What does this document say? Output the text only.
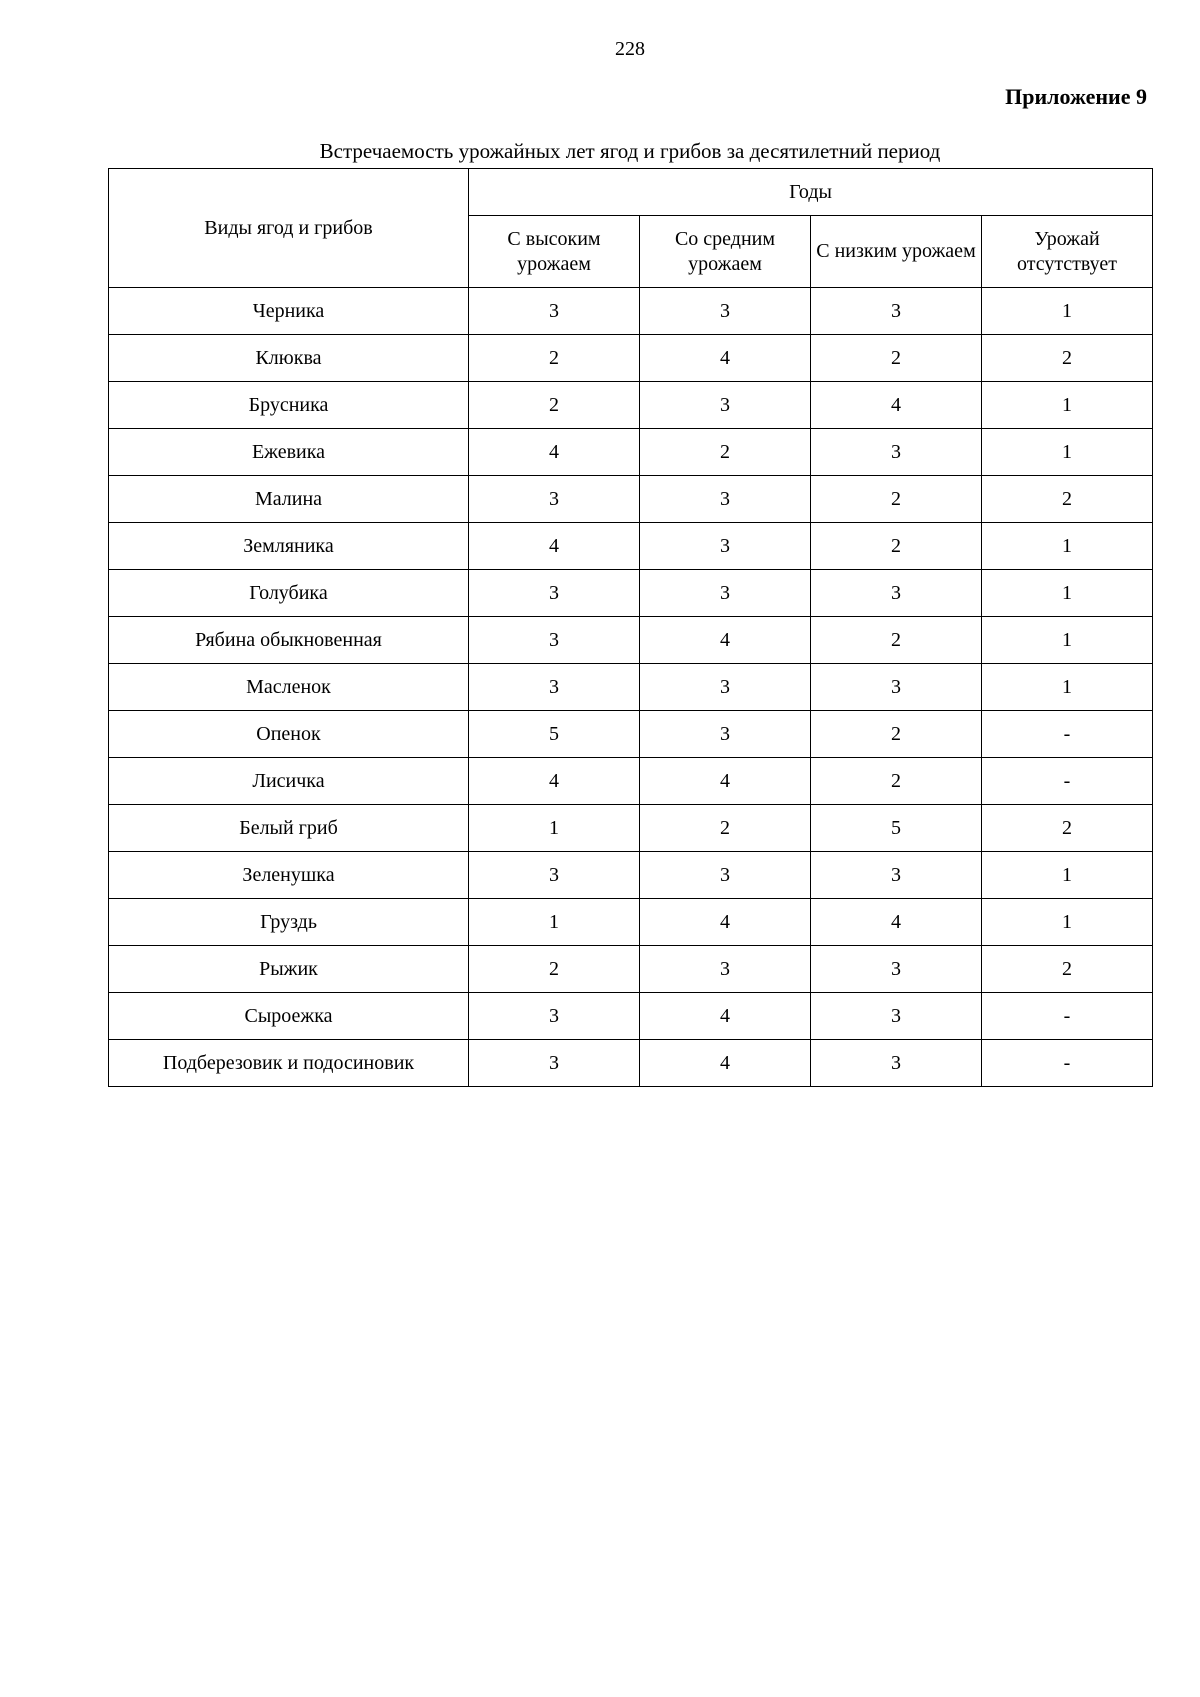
228
Приложение 9
Встречаемость урожайных лет ягод и грибов за десятилетний период
Виды ягод и грибов	Годы			
	С высоким урожаем	Со средним урожаем	С низким урожаем	Урожай отсутствует
Черника	3	3	3	1
Клюква	2	4	2	2
Брусника	2	3	4	1
Ежевика	4	2	3	1
Малина	3	3	2	2
Земляника	4	3	2	1
Голубика	3	3	3	1
Рябина обыкновенная	3	4	2	1
Масленок	3	3	3	1
Опенок	5	3	2	-
Лисичка	4	4	2	-
Белый гриб	1	2	5	2
Зеленушка	3	3	3	1
Груздь	1	4	4	1
Рыжик	2	3	3	2
Сыроежка	3	4	3	-
Подберезовик и подосиновик	3	4	3	-
